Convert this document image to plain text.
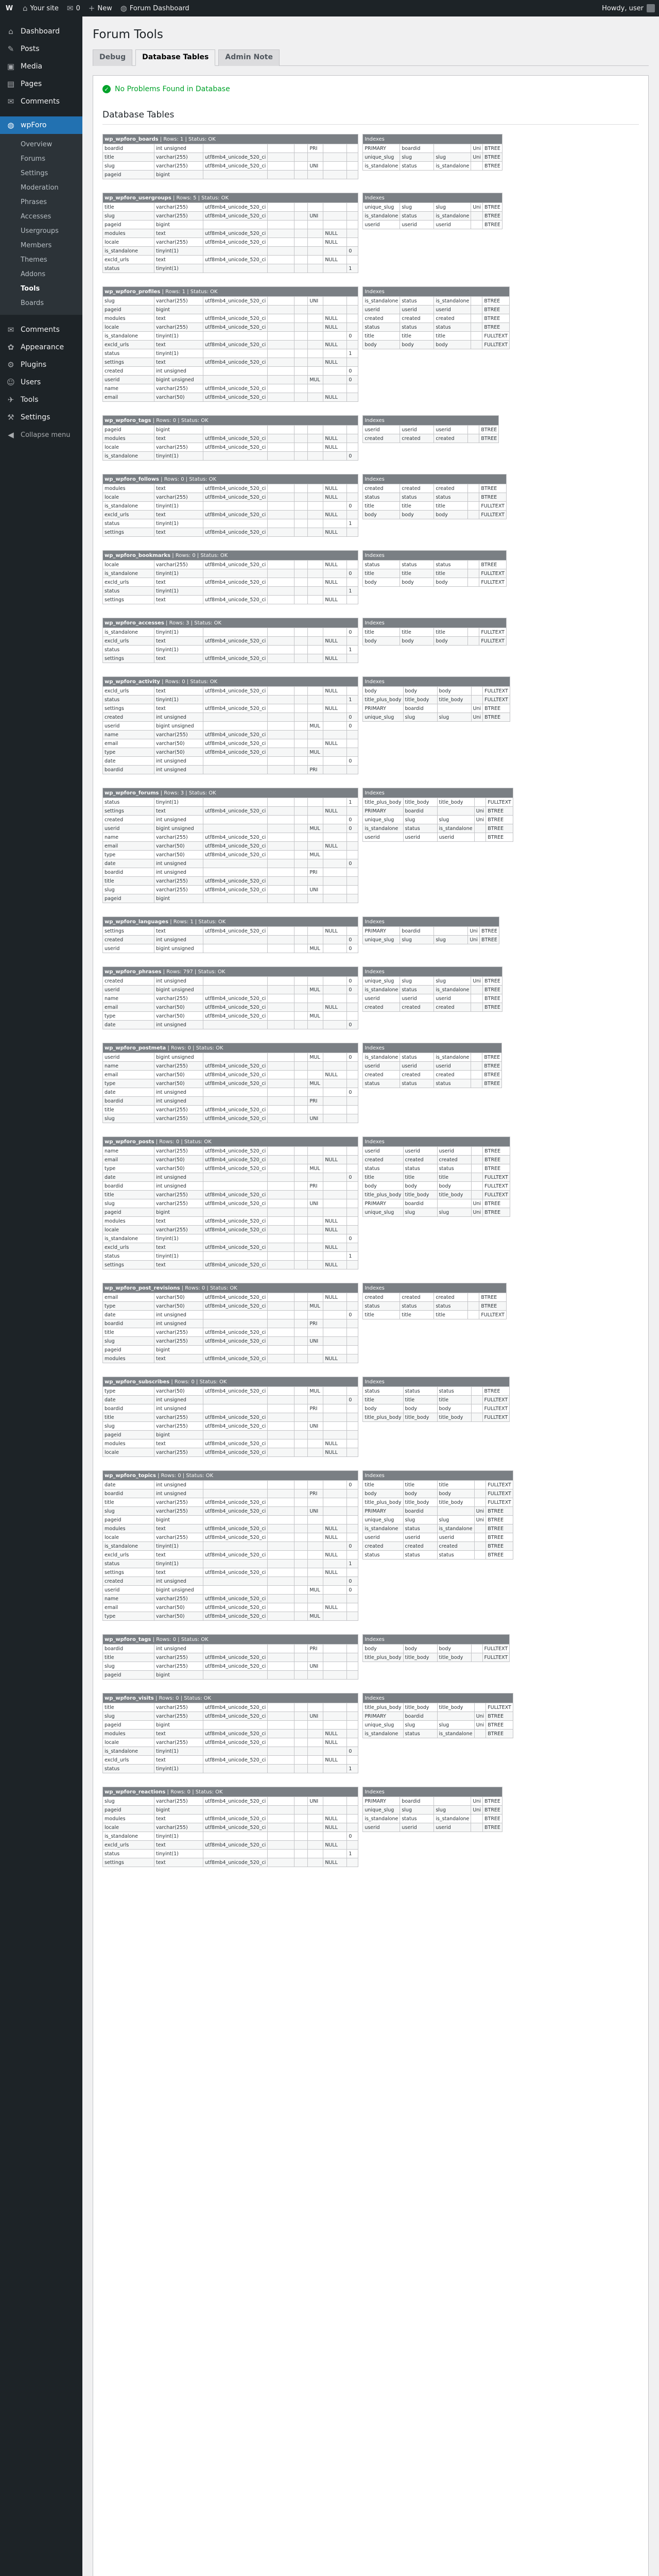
W	⌂ Your site ✉ 0 + New ◍ Forum Dashboard	Howdy, user
⌂	Dashboard
✎ Posts
▣ Media
▤ Pages
✉ Comments
◍ wpForo
Overview
Forums
Settings
Moderation
Phrases
Accesses
Usergroups
Members
Themes
Addons
Tools
Boards
✉ Comments
✿ Appearance
⚙ Plugins
☺ Users
✈ Tools
⚒ Settings
◀	Collapse menu
Forum Tools
Debug	Database Tables	Admin Note
✓ No Problems Found in Database
Database Tables
wp_wpforo_boards | Rows: 1 | Status: OK							
boardid	int unsigned				PRI		
title	varchar(255)	utf8mb4_unicode_520_ci					
slug	varchar(255)	utf8mb4_unicode_520_ci			UNI		
pageid	bigint						
Indexes				
PRIMARY	boardid		Uni	BTREE
unique_slug	slug	slug	Uni	BTREE
is_standalone	status	is_standalone		BTREE
wp_wpforo_usergroups | Rows: 5 | Status: OK							
title	varchar(255)	utf8mb4_unicode_520_ci					
slug	varchar(255)	utf8mb4_unicode_520_ci			UNI		
pageid	bigint						
modules	text	utf8mb4_unicode_520_ci				NULL	
locale	varchar(255)	utf8mb4_unicode_520_ci				NULL	
is_standalone	tinyint(1)						0
excld_urls	text	utf8mb4_unicode_520_ci				NULL	
status	tinyint(1)						1
Indexes				
unique_slug	slug	slug	Uni	BTREE
is_standalone	status	is_standalone		BTREE
userid	userid	userid		BTREE
wp_wpforo_profiles | Rows: 1 | Status: OK							
slug	varchar(255)	utf8mb4_unicode_520_ci			UNI		
pageid	bigint						
modules	text	utf8mb4_unicode_520_ci				NULL	
locale	varchar(255)	utf8mb4_unicode_520_ci				NULL	
is_standalone	tinyint(1)						0
excld_urls	text	utf8mb4_unicode_520_ci				NULL	
status	tinyint(1)						1
settings	text	utf8mb4_unicode_520_ci				NULL	
created	int unsigned						0
userid	bigint unsigned				MUL		0
name	varchar(255)	utf8mb4_unicode_520_ci					
email	varchar(50)	utf8mb4_unicode_520_ci				NULL	
Indexes				
is_standalone	status	is_standalone		BTREE
userid	userid	userid		BTREE
created	created	created		BTREE
status	status	status		BTREE
title	title	title		FULLTEXT
body	body	body		FULLTEXT
wp_wpforo_tags | Rows: 0 | Status: OK							
pageid	bigint						
modules	text	utf8mb4_unicode_520_ci				NULL	
locale	varchar(255)	utf8mb4_unicode_520_ci				NULL	
is_standalone	tinyint(1)						0
Indexes				
userid	userid	userid		BTREE
created	created	created		BTREE
wp_wpforo_follows | Rows: 0 | Status: OK							
modules	text	utf8mb4_unicode_520_ci				NULL	
locale	varchar(255)	utf8mb4_unicode_520_ci				NULL	
is_standalone	tinyint(1)						0
excld_urls	text	utf8mb4_unicode_520_ci				NULL	
status	tinyint(1)						1
settings	text	utf8mb4_unicode_520_ci				NULL	
Indexes				
created	created	created		BTREE
status	status	status		BTREE
title	title	title		FULLTEXT
body	body	body		FULLTEXT
wp_wpforo_bookmarks | Rows: 0 | Status: OK							
locale	varchar(255)	utf8mb4_unicode_520_ci				NULL	
is_standalone	tinyint(1)						0
excld_urls	text	utf8mb4_unicode_520_ci				NULL	
status	tinyint(1)						1
settings	text	utf8mb4_unicode_520_ci				NULL	
Indexes				
status	status	status		BTREE
title	title	title		FULLTEXT
body	body	body		FULLTEXT
wp_wpforo_accesses | Rows: 3 | Status: OK							
is_standalone	tinyint(1)						0
excld_urls	text	utf8mb4_unicode_520_ci				NULL	
status	tinyint(1)						1
settings	text	utf8mb4_unicode_520_ci				NULL	
Indexes				
title	title	title		FULLTEXT
body	body	body		FULLTEXT
wp_wpforo_activity | Rows: 0 | Status: OK							
excld_urls	text	utf8mb4_unicode_520_ci				NULL	
status	tinyint(1)						1
settings	text	utf8mb4_unicode_520_ci				NULL	
created	int unsigned						0
userid	bigint unsigned				MUL		0
name	varchar(255)	utf8mb4_unicode_520_ci					
email	varchar(50)	utf8mb4_unicode_520_ci				NULL	
type	varchar(50)	utf8mb4_unicode_520_ci			MUL		
date	int unsigned						0
boardid	int unsigned				PRI		
Indexes				
body	body	body		FULLTEXT
title_plus_body	title_body	title_body		FULLTEXT
PRIMARY	boardid		Uni	BTREE
unique_slug	slug	slug	Uni	BTREE
wp_wpforo_forums | Rows: 3 | Status: OK							
status	tinyint(1)						1
settings	text	utf8mb4_unicode_520_ci				NULL	
created	int unsigned						0
userid	bigint unsigned				MUL		0
name	varchar(255)	utf8mb4_unicode_520_ci					
email	varchar(50)	utf8mb4_unicode_520_ci				NULL	
type	varchar(50)	utf8mb4_unicode_520_ci			MUL		
date	int unsigned						0
boardid	int unsigned				PRI		
title	varchar(255)	utf8mb4_unicode_520_ci					
slug	varchar(255)	utf8mb4_unicode_520_ci			UNI		
pageid	bigint						
Indexes				
title_plus_body	title_body	title_body		FULLTEXT
PRIMARY	boardid		Uni	BTREE
unique_slug	slug	slug	Uni	BTREE
is_standalone	status	is_standalone		BTREE
userid	userid	userid		BTREE
wp_wpforo_languages | Rows: 1 | Status: OK							
settings	text	utf8mb4_unicode_520_ci				NULL	
created	int unsigned						0
userid	bigint unsigned				MUL		0
Indexes				
PRIMARY	boardid		Uni	BTREE
unique_slug	slug	slug	Uni	BTREE
wp_wpforo_phrases | Rows: 797 | Status: OK							
created	int unsigned						0
userid	bigint unsigned				MUL		0
name	varchar(255)	utf8mb4_unicode_520_ci					
email	varchar(50)	utf8mb4_unicode_520_ci				NULL	
type	varchar(50)	utf8mb4_unicode_520_ci			MUL		
date	int unsigned						0
Indexes				
unique_slug	slug	slug	Uni	BTREE
is_standalone	status	is_standalone		BTREE
userid	userid	userid		BTREE
created	created	created		BTREE
wp_wpforo_postmeta | Rows: 0 | Status: OK							
userid	bigint unsigned				MUL		0
name	varchar(255)	utf8mb4_unicode_520_ci					
email	varchar(50)	utf8mb4_unicode_520_ci				NULL	
type	varchar(50)	utf8mb4_unicode_520_ci			MUL		
date	int unsigned						0
boardid	int unsigned				PRI		
title	varchar(255)	utf8mb4_unicode_520_ci					
slug	varchar(255)	utf8mb4_unicode_520_ci			UNI		
Indexes				
is_standalone	status	is_standalone		BTREE
userid	userid	userid		BTREE
created	created	created		BTREE
status	status	status		BTREE
wp_wpforo_posts | Rows: 0 | Status: OK							
name	varchar(255)	utf8mb4_unicode_520_ci					
email	varchar(50)	utf8mb4_unicode_520_ci				NULL	
type	varchar(50)	utf8mb4_unicode_520_ci			MUL		
date	int unsigned						0
boardid	int unsigned				PRI		
title	varchar(255)	utf8mb4_unicode_520_ci					
slug	varchar(255)	utf8mb4_unicode_520_ci			UNI		
pageid	bigint						
modules	text	utf8mb4_unicode_520_ci				NULL	
locale	varchar(255)	utf8mb4_unicode_520_ci				NULL	
is_standalone	tinyint(1)						0
excld_urls	text	utf8mb4_unicode_520_ci				NULL	
status	tinyint(1)						1
settings	text	utf8mb4_unicode_520_ci				NULL	
Indexes				
userid	userid	userid		BTREE
created	created	created		BTREE
status	status	status		BTREE
title	title	title		FULLTEXT
body	body	body		FULLTEXT
title_plus_body	title_body	title_body		FULLTEXT
PRIMARY	boardid		Uni	BTREE
unique_slug	slug	slug	Uni	BTREE
wp_wpforo_post_revisions | Rows: 0 | Status: OK							
email	varchar(50)	utf8mb4_unicode_520_ci				NULL	
type	varchar(50)	utf8mb4_unicode_520_ci			MUL		
date	int unsigned						0
boardid	int unsigned				PRI		
title	varchar(255)	utf8mb4_unicode_520_ci					
slug	varchar(255)	utf8mb4_unicode_520_ci			UNI		
pageid	bigint						
modules	text	utf8mb4_unicode_520_ci				NULL	
Indexes				
created	created	created		BTREE
status	status	status		BTREE
title	title	title		FULLTEXT
wp_wpforo_subscribes | Rows: 0 | Status: OK							
type	varchar(50)	utf8mb4_unicode_520_ci			MUL		
date	int unsigned						0
boardid	int unsigned				PRI		
title	varchar(255)	utf8mb4_unicode_520_ci					
slug	varchar(255)	utf8mb4_unicode_520_ci			UNI		
pageid	bigint						
modules	text	utf8mb4_unicode_520_ci				NULL	
locale	varchar(255)	utf8mb4_unicode_520_ci				NULL	
Indexes				
status	status	status		BTREE
title	title	title		FULLTEXT
body	body	body		FULLTEXT
title_plus_body	title_body	title_body		FULLTEXT
wp_wpforo_topics | Rows: 0 | Status: OK							
date	int unsigned						0
boardid	int unsigned				PRI		
title	varchar(255)	utf8mb4_unicode_520_ci					
slug	varchar(255)	utf8mb4_unicode_520_ci			UNI		
pageid	bigint						
modules	text	utf8mb4_unicode_520_ci				NULL	
locale	varchar(255)	utf8mb4_unicode_520_ci				NULL	
is_standalone	tinyint(1)						0
excld_urls	text	utf8mb4_unicode_520_ci				NULL	
status	tinyint(1)						1
settings	text	utf8mb4_unicode_520_ci				NULL	
created	int unsigned						0
userid	bigint unsigned				MUL		0
name	varchar(255)	utf8mb4_unicode_520_ci					
email	varchar(50)	utf8mb4_unicode_520_ci				NULL	
type	varchar(50)	utf8mb4_unicode_520_ci			MUL		
Indexes				
title	title	title		FULLTEXT
body	body	body		FULLTEXT
title_plus_body	title_body	title_body		FULLTEXT
PRIMARY	boardid		Uni	BTREE
unique_slug	slug	slug	Uni	BTREE
is_standalone	status	is_standalone		BTREE
userid	userid	userid		BTREE
created	created	created		BTREE
status	status	status		BTREE
wp_wpforo_tags | Rows: 0 | Status: OK							
boardid	int unsigned				PRI		
title	varchar(255)	utf8mb4_unicode_520_ci					
slug	varchar(255)	utf8mb4_unicode_520_ci			UNI		
pageid	bigint						
Indexes				
body	body	body		FULLTEXT
title_plus_body	title_body	title_body		FULLTEXT
wp_wpforo_visits | Rows: 0 | Status: OK							
title	varchar(255)	utf8mb4_unicode_520_ci					
slug	varchar(255)	utf8mb4_unicode_520_ci			UNI		
pageid	bigint						
modules	text	utf8mb4_unicode_520_ci				NULL	
locale	varchar(255)	utf8mb4_unicode_520_ci				NULL	
is_standalone	tinyint(1)						0
excld_urls	text	utf8mb4_unicode_520_ci				NULL	
status	tinyint(1)						1
Indexes				
title_plus_body	title_body	title_body		FULLTEXT
PRIMARY	boardid		Uni	BTREE
unique_slug	slug	slug	Uni	BTREE
is_standalone	status	is_standalone		BTREE
wp_wpforo_reactions | Rows: 0 | Status: OK							
slug	varchar(255)	utf8mb4_unicode_520_ci			UNI		
pageid	bigint						
modules	text	utf8mb4_unicode_520_ci				NULL	
locale	varchar(255)	utf8mb4_unicode_520_ci				NULL	
is_standalone	tinyint(1)						0
excld_urls	text	utf8mb4_unicode_520_ci				NULL	
status	tinyint(1)						1
settings	text	utf8mb4_unicode_520_ci				NULL	
Indexes				
PRIMARY	boardid		Uni	BTREE
unique_slug	slug	slug	Uni	BTREE
is_standalone	status	is_standalone		BTREE
userid	userid	userid		BTREE
